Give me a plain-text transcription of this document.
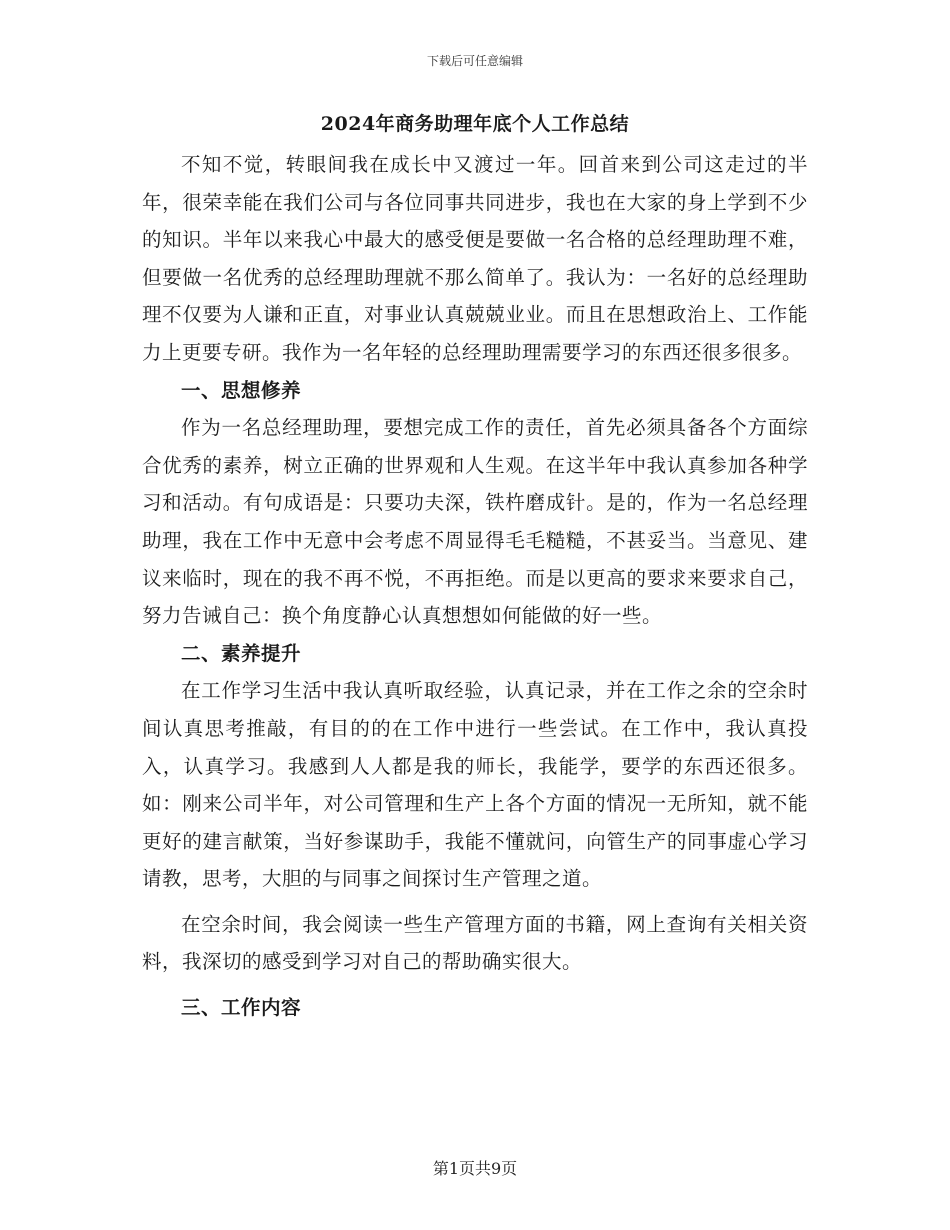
下载后可任意编辑
2024年商务助理年底个人工作总结

不知不觉，转眼间我在成长中又渡过一年。回首来到公司这走过的半年，很荣幸能在我们公司与各位同事共同进步，我也在大家的身上学到不少的知识。半年以来我心中最大的感受便是要做一名合格的总经理助理不难，但要做一名优秀的总经理助理就不那么简单了。我认为：一名好的总经理助理不仅要为人谦和正直，对事业认真兢兢业业。而且在思想政治上、工作能力上更要专研。我作为一名年轻的总经理助理需要学习的东西还很多很多。

一、思想修养

作为一名总经理助理，要想完成工作的责任，首先必须具备各个方面综合优秀的素养，树立正确的世界观和人生观。在这半年中我认真参加各种学习和活动。有句成语是：只要功夫深，铁杵磨成针。是的，作为一名总经理助理，我在工作中无意中会考虑不周显得毛毛糙糙，不甚妥当。当意见、建议来临时，现在的我不再不悦，不再拒绝。而是以更高的要求来要求自己，努力告诫自己：换个角度静心认真想想如何能做的好一些。

二、素养提升

在工作学习生活中我认真听取经验，认真记录，并在工作之余的空余时间认真思考推敲，有目的的在工作中进行一些尝试。在工作中，我认真投入，认真学习。我感到人人都是我的师长，我能学，要学的东西还很多。如：刚来公司半年，对公司管理和生产上各个方面的情况一无所知，就不能更好的建言献策，当好参谋助手，我能不懂就问，向管生产的同事虚心学习请教，思考，大胆的与同事之间探讨生产管理之道。

在空余时间，我会阅读一些生产管理方面的书籍，网上查询有关相关资料，我深切的感受到学习对自己的帮助确实很大。

三、工作内容

第1页共9页
